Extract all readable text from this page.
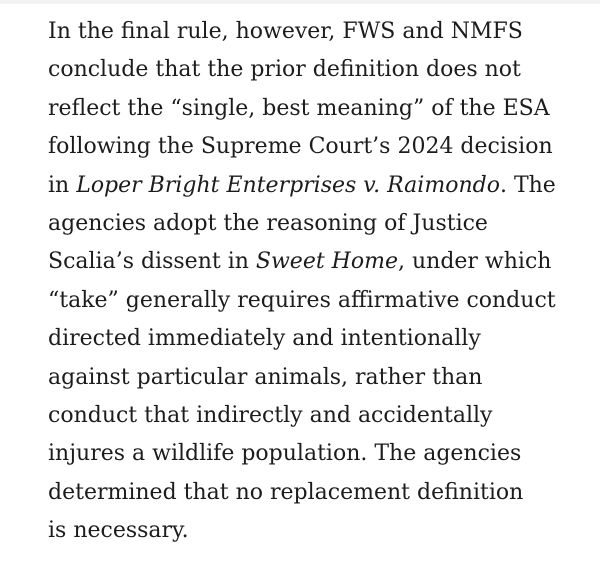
In the final rule, however, FWS and NMFS
conclude that the prior definition does not
reflect the “single, best meaning” of the ESA
following the Supreme Court’s 2024 decision
in Loper Bright Enterprises v. Raimondo. The
agencies adopt the reasoning of Justice
Scalia’s dissent in Sweet Home, under which
“take” generally requires affirmative conduct
directed immediately and intentionally
against particular animals, rather than
conduct that indirectly and accidentally
injures a wildlife population. The agencies
determined that no replacement definition
is necessary.
